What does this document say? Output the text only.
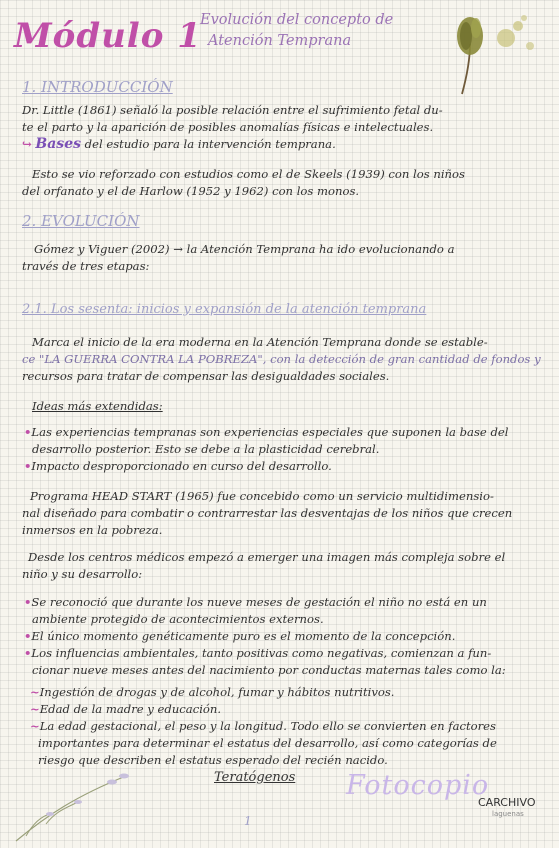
Módulo 1
Evolución del concepto de
Atención Temprana
1. INTRODUCCIÓN
Dr. Little (1861) señaló la posible relación entre el sufrimiento fetal du-
te el parto y la aparición de posibles anomalías físicas e intelectuales.
↪ Bases del estudio para la intervención temprana.
Esto se vio reforzado con estudios como el de Skeels (1939) con los niños
del orfanato y el de Harlow (1952 y 1962) con los monos.
2. EVOLUCIÓN
Gómez y Viguer (2002) → la Atención Temprana ha ido evolucionando a
través de tres etapas:
2.1. Los sesenta: inicios y expansión de la atención temprana
Marca el inicio de la era moderna en la Atención Temprana donde se estable-
ce "LA GUERRA CONTRA LA POBREZA", con la detección de gran cantidad de fondos y
recursos para tratar de compensar las desigualdades sociales.
Ideas más extendidas:
•Las experiencias tempranas son experiencias especiales que suponen la base del
desarrollo posterior. Esto se debe a la plasticidad cerebral.
•Impacto desproporcionado en curso del desarrollo.
Programa HEAD START (1965) fue concebido como un servicio multidimensio-
nal diseñado para combatir o contrarrestar las desventajas de los niños que crecen
inmersos en la pobreza.
Desde los centros médicos empezó a emerger una imagen más compleja sobre el
niño y su desarrollo:
•Se reconoció que durante los nueve meses de gestación el niño no está en un
ambiente protegido de acontecimientos externos.
•El único momento genéticamente puro es el momento de la concepción.
•Los influencias ambientales, tanto positivas como negativas, comienzan a fun-
cionar nueve meses antes del nacimiento por conductas maternas tales como la:
~Ingestión de drogas y de alcohol, fumar y hábitos nutritivos.
~Edad de la madre y educación.
~La edad gestacional, el peso y la longitud. Todo ello se convierten en factores
importantes para determinar el estatus del desarrollo, así como categorías de
riesgo que describen el estatus esperado del recién nacido.
Teratógenos
1
Fotocopio
CARCHIVO
laguenas
